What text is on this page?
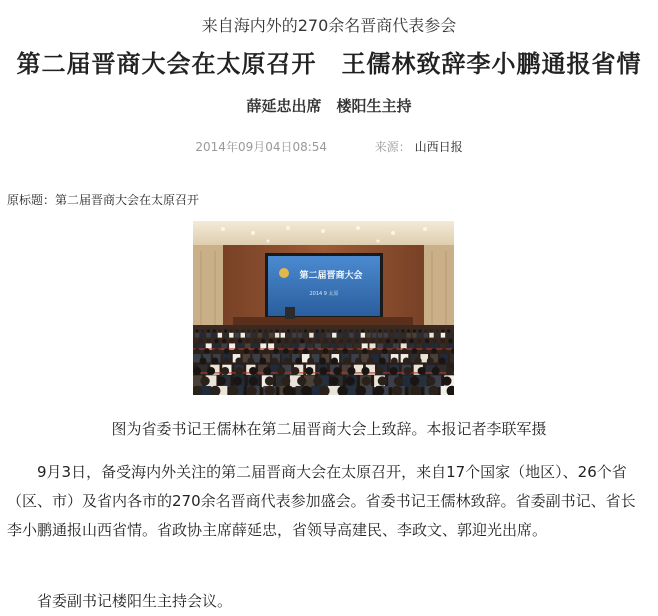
来自海内外的270余名晋商代表参会
第二届晋商大会在太原召开　王儒林致辞李小鹏通报省情
薛延忠出席　楼阳生主持
2014年09月04日08:54	来源： 山西日报
原标题：第二届晋商大会在太原召开
第二届晋商大会
2014 9 太原
图为省委书记王儒林在第二届晋商大会上致辞。本报记者李联军摄

9月3日，备受海内外关注的第二届晋商大会在太原召开，来自17个国家（地区）、26个省（区、市）及省内各市的270余名晋商代表参加盛会。省委书记王儒林致辞。省委副书记、省长李小鹏通报山西省情。省政协主席薛延忠，省领导高建民、李政文、郭迎光出席。

省委副书记楼阳生主持会议。
